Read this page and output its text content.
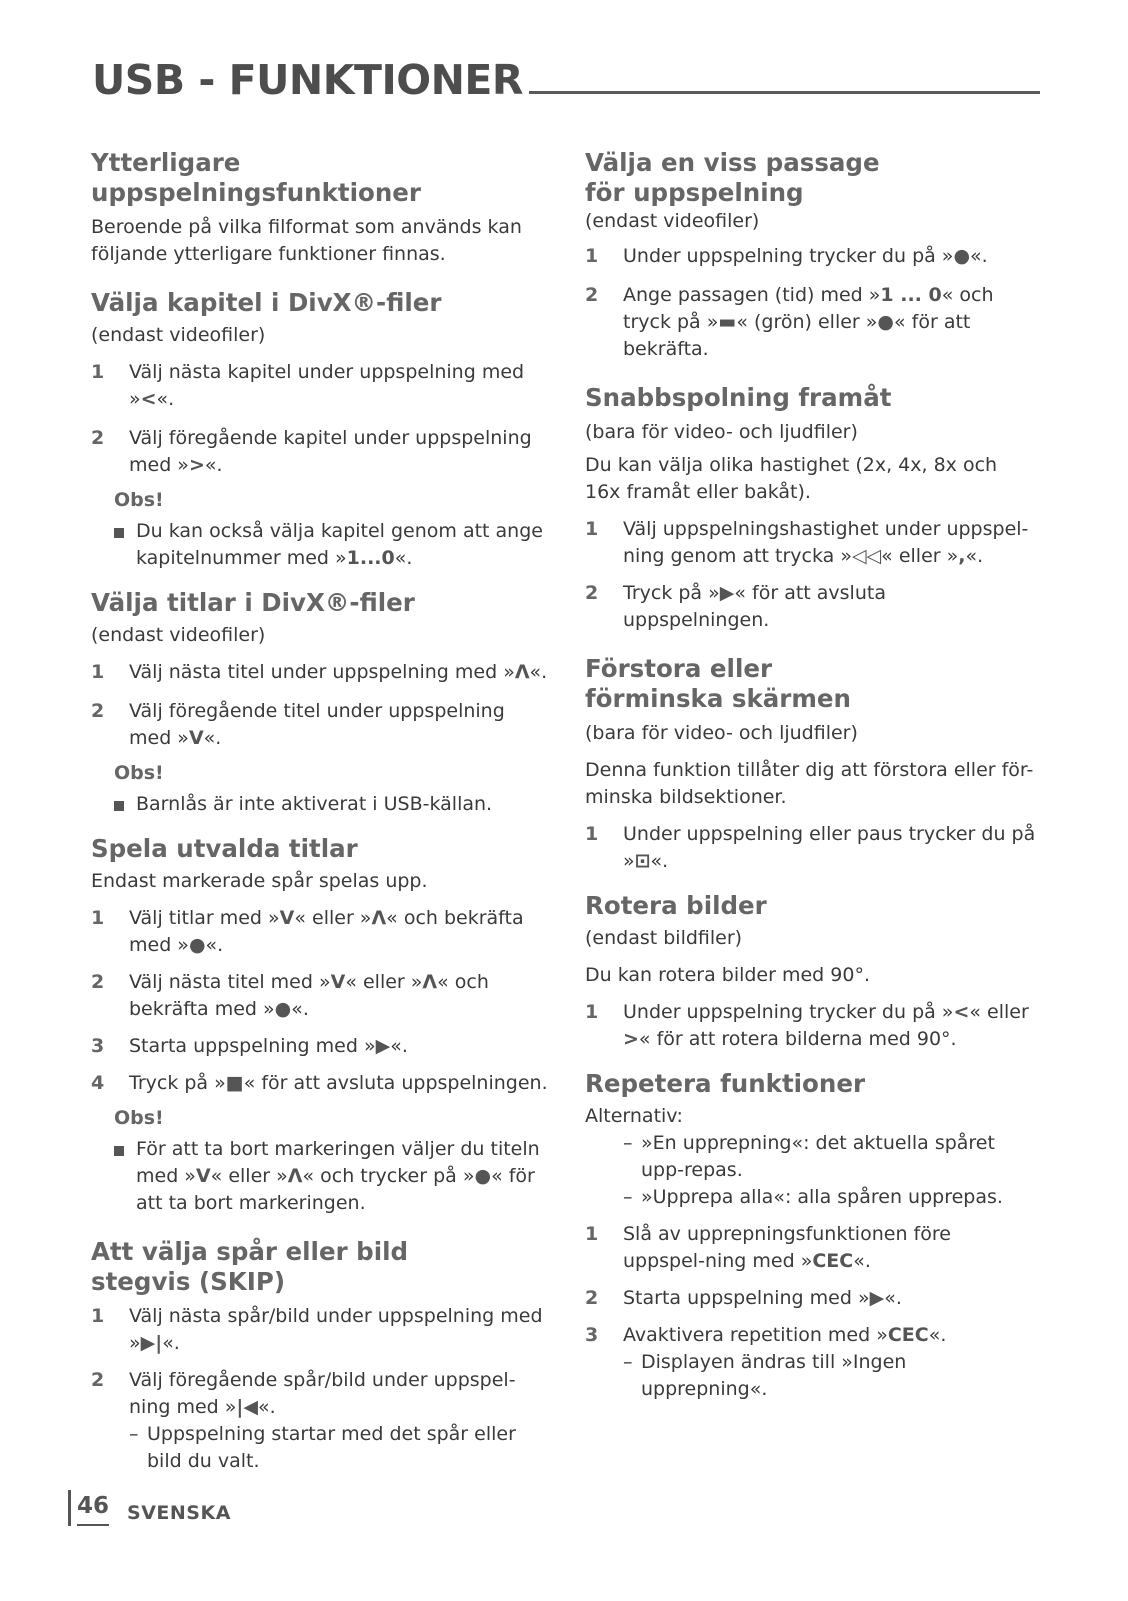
USB - FUNKTIONER
Ytterligare uppspelningsfunktioner

Beroende på vilka filformat som används kan följande ytterligare funktioner finnas.

Välja kapitel i DivX®-filer

(endast videofiler)

1	Välj nästa kapitel under uppspelning med »<«.
2	Välj föregående kapitel under uppspelning med »>«.
Obs!
Du kan också välja kapitel genom att ange kapitelnummer med »1...0«.
Välja titlar i DivX®-filer

(endast videofiler)

1	Välj nästa titel under uppspelning med »Λ«.
2	Välj föregående titel under uppspelning med »V«.
Obs!
Barnlås är inte aktiverat i USB-källan.
Spela utvalda titlar

Endast markerade spår spelas upp.

1	Välj titlar med »V« eller »Λ« och bekräfta med »●«.
2	Välj nästa titel med »V« eller »Λ« och bekräfta med »●«.
3	Starta uppspelning med »▶«.
4	Tryck på »■« för att avsluta uppspelningen.
Obs!
För att ta bort markeringen väljer du titeln med »V« eller »Λ« och trycker på »●« för att ta bort markeringen.
Att välja spår eller bild stegvis (SKIP)
1	Välj nästa spår/bild under uppspelning med »▶|«.
2	Välj föregående spår/bild under uppspel-ning med »|◀«.
– Uppspelning startar med det spår eller bild du valt.
Välja en viss passage för uppspelning

(endast videofiler)

1	Under uppspelning trycker du på »●«.
2	Ange passagen (tid) med »1 ... 0« och tryck på »▬« (grön) eller »●« för att bekräfta.
Snabbspolning framåt

(bara för video- och ljudfiler)

Du kan välja olika hastighet (2x, 4x, 8x och 16x framåt eller bakåt).

1	Välj uppspelningshastighet under uppspel-ning genom att trycka »◁◁« eller »,«.
2	Tryck på »▶« för att avsluta uppspelningen.
Förstora eller förminska skärmen

(bara för video- och ljudfiler)

Denna funktion tillåter dig att förstora eller för-minska bildsektioner.

1	Under uppspelning eller paus trycker du på »⊡«.
Rotera bilder

(endast bildfiler)

Du kan rotera bilder med 90°.

1	Under uppspelning trycker du på »<« eller >« för att rotera bilderna med 90°.
Repetera funktioner

Alternativ:

– »En upprepning«: det aktuella spåret upp-repas.
– »Upprepa alla«: alla spåren upprepas.
1	Slå av upprepningsfunktionen före uppspel-ning med »CEC«.
2	Starta uppspelning med »▶«.
3	Avaktivera repetition med »CEC«.
– Displayen ändras till »Ingen upprepning«.
46 SVENSKA
